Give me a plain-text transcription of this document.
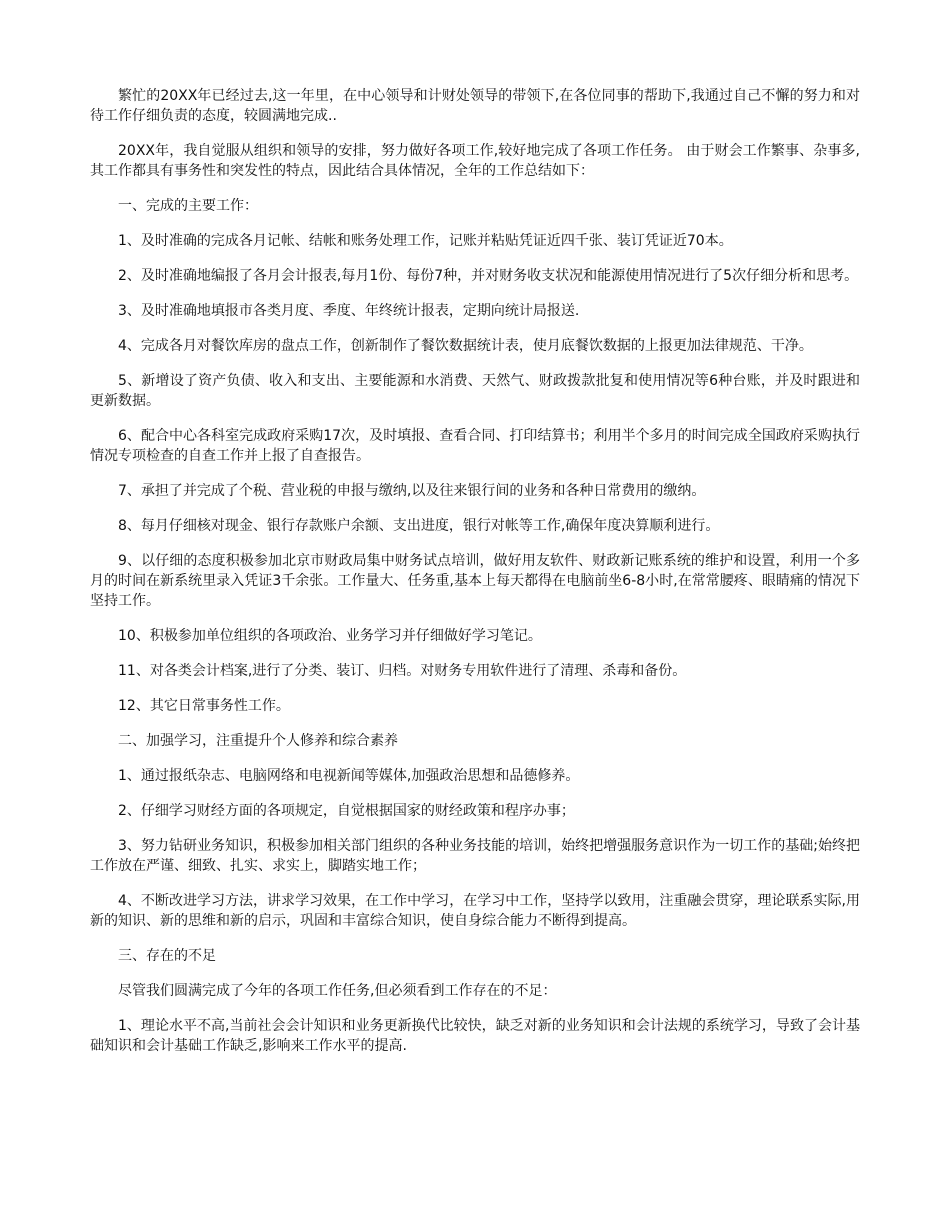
繁忙的20XX年已经过去,这一年里，在中心领导和计财处领导的带领下,在各位同事的帮助下,我通过自己不懈的努力和对待工作仔细负责的态度，较圆满地完成..

20XX年，我自觉服从组织和领导的安排，努力做好各项工作,较好地完成了各项工作任务。 由于财会工作繁事、杂事多,其工作都具有事务性和突发性的特点，因此结合具体情况，全年的工作总结如下：

一、完成的主要工作：

1、及时准确的完成各月记帐、结帐和账务处理工作，记账并粘贴凭证近四千张、装订凭证近70本。

2、及时准确地编报了各月会计报表,每月1份、每份7种，并对财务收支状况和能源使用情况进行了5次仔细分析和思考。

3、及时准确地填报市各类月度、季度、年终统计报表，定期向统计局报送.

4、完成各月对餐饮库房的盘点工作，创新制作了餐饮数据统计表，使月底餐饮数据的上报更加法律规范、干净。

5、新增设了资产负债、收入和支出、主要能源和水消费、天然气、财政拨款批复和使用情况等6种台账，并及时跟进和更新数据。

6、配合中心各科室完成政府采购17次，及时填报、查看合同、打印结算书；利用半个多月的时间完成全国政府采购执行情况专项检查的自查工作并上报了自查报告。

7、承担了并完成了个税、营业税的申报与缴纳,以及往来银行间的业务和各种日常费用的缴纳。

8、每月仔细核对现金、银行存款账户余额、支出进度，银行对帐等工作,确保年度决算顺利进行。

9、以仔细的态度积极参加北京市财政局集中财务试点培训，做好用友软件、财政新记账系统的维护和设置，利用一个多月的时间在新系统里录入凭证3千余张。工作量大、任务重,基本上每天都得在电脑前坐6-8小时,在常常腰疼、眼睛痛的情况下坚持工作。

10、积极参加单位组织的各项政治、业务学习并仔细做好学习笔记。

11、对各类会计档案,进行了分类、装订、归档。对财务专用软件进行了清理、杀毒和备份。

12、其它日常事务性工作。

二、加强学习，注重提升个人修养和综合素养

1、通过报纸杂志、电脑网络和电视新闻等媒体,加强政治思想和品德修养。

2、仔细学习财经方面的各项规定，自觉根据国家的财经政策和程序办事；

3、努力钻研业务知识，积极参加相关部门组织的各种业务技能的培训，始终把增强服务意识作为一切工作的基础;始终把工作放在严谨、细致、扎实、求实上，脚踏实地工作；

4、不断改进学习方法，讲求学习效果，在工作中学习，在学习中工作，坚持学以致用，注重融会贯穿，理论联系实际,用新的知识、新的思维和新的启示，巩固和丰富综合知识，使自身综合能力不断得到提高。

三、存在的不足

尽管我们圆满完成了今年的各项工作任务,但必须看到工作存在的不足：

1、理论水平不高,当前社会会计知识和业务更新换代比较快，缺乏对新的业务知识和会计法规的系统学习，导致了会计基础知识和会计基础工作缺乏,影响来工作水平的提高.
